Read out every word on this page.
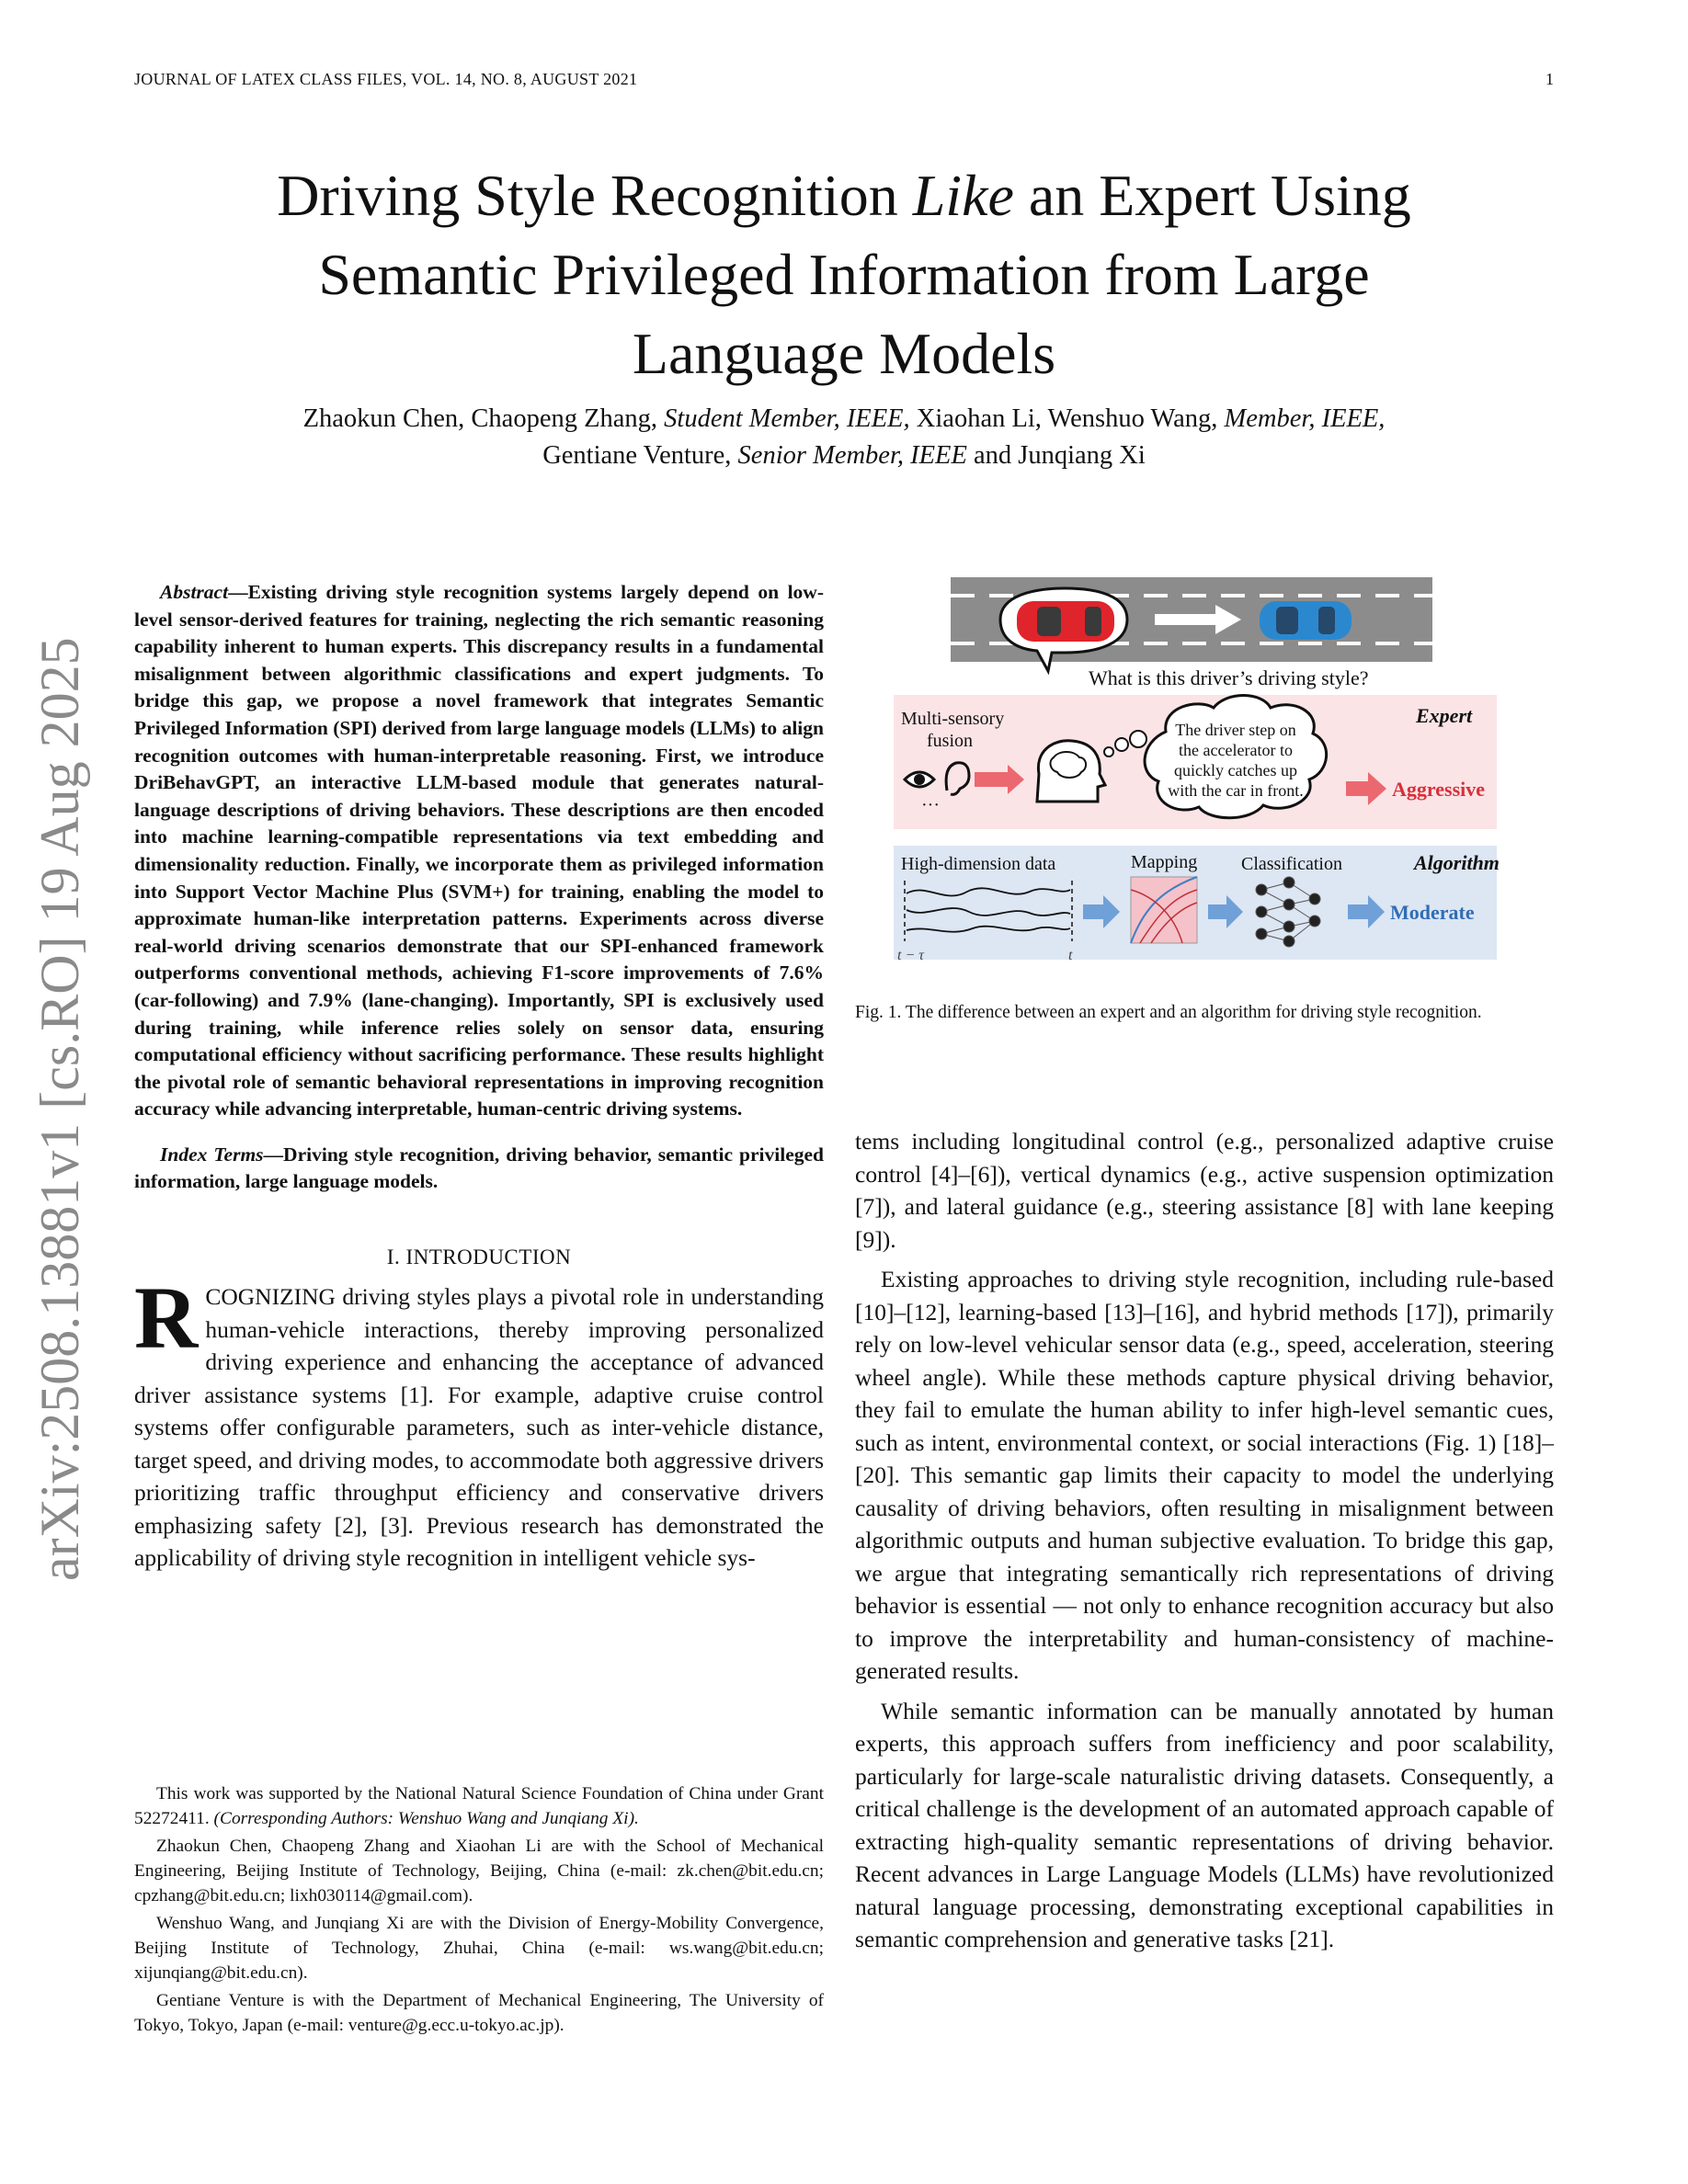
JOURNAL OF LATEX CLASS FILES, VOL. 14, NO. 8, AUGUST 2021	1
arXiv:2508.13881v1 [cs.RO] 19 Aug 2025

Driving Style Recognition Like an Expert Using

Semantic Privileged Information from Large

Language Models

Zhaokun Chen, Chaopeng Zhang, Student Member, IEEE, Xiaohan Li, Wenshuo Wang, Member, IEEE,

Gentiane Venture, Senior Member, IEEE and Junqiang Xi

Abstract—Existing driving style recognition systems largely depend on low-level sensor-derived features for training, neglecting the rich semantic reasoning capability inherent to human experts. This discrepancy results in a fundamental misalignment between algorithmic classifications and expert judgments. To bridge this gap, we propose a novel framework that integrates Semantic Privileged Information (SPI) derived from large language models (LLMs) to align recognition outcomes with human-interpretable reasoning. First, we introduce DriBehavGPT, an interactive LLM-based module that generates natural-language descriptions of driving behaviors. These descriptions are then encoded into machine learning-compatible representations via text embedding and dimensionality reduction. Finally, we incorporate them as privileged information into Support Vector Machine Plus (SVM+) for training, enabling the model to approximate human-like interpretation patterns. Experiments across diverse real-world driving scenarios demonstrate that our SPI-enhanced framework outperforms conventional methods, achieving F1-score improvements of 7.6% (car-following) and 7.9% (lane-changing). Importantly, SPI is exclusively used during training, while inference relies solely on sensor data, ensuring computational efficiency without sacrificing performance. These results highlight the pivotal role of semantic behavioral representations in improving recognition accuracy while advancing interpretable, human-centric driving systems.

Index Terms—Driving style recognition, driving behavior, semantic privileged information, large language models.

I. INTRODUCTION

RCOGNIZING driving styles plays a pivotal role in understanding human-vehicle interactions, thereby improving personalized driving experience and enhancing the acceptance of advanced driver assistance systems [1]. For example, adaptive cruise control systems offer configurable parameters, such as inter-vehicle distance, target speed, and driving modes, to accommodate both aggressive drivers prioritizing traffic throughput efficiency and conservative drivers emphasizing safety [2], [3]. Previous research has demonstrated the applicability of driving style recognition in intelligent vehicle sys-

This work was supported by the National Natural Science Foundation of China under Grant 52272411. (Corresponding Authors: Wenshuo Wang and Junqiang Xi).

Zhaokun Chen, Chaopeng Zhang and Xiaohan Li are with the School of Mechanical Engineering, Beijing Institute of Technology, Beijing, China (e-mail: zk.chen@bit.edu.cn; cpzhang@bit.edu.cn; lixh030114@gmail.com).

Wenshuo Wang, and Junqiang Xi are with the Division of Energy-Mobility Convergence, Beijing Institute of Technology, Zhuhai, China (e-mail: ws.wang@bit.edu.cn; xijunqiang@bit.edu.cn).

Gentiane Venture is with the Department of Mechanical Engineering, The University of Tokyo, Tokyo, Japan (e-mail: venture@g.ecc.u-tokyo.ac.jp).

What is this driver’s driving style?
Multi-sensory
fusion
···
The driver step on
the accelerator to
quickly catches up
with the car in front.
Expert
Aggressive
High-dimension data
t − τ	t
Mapping Classification	Algorithm
Moderate
Fig. 1. The difference between an expert and an algorithm for driving style recognition.

tems including longitudinal control (e.g., personalized adaptive cruise control [4]–[6]), vertical dynamics (e.g., active suspension optimization [7]), and lateral guidance (e.g., steering assistance [8] with lane keeping [9]).

Existing approaches to driving style recognition, including rule-based [10]–[12], learning-based [13]–[16], and hybrid methods [17]), primarily rely on low-level vehicular sensor data (e.g., speed, acceleration, steering wheel angle). While these methods capture physical driving behavior, they fail to emulate the human ability to infer high-level semantic cues, such as intent, environmental context, or social interactions (Fig. 1) [18]–[20]. This semantic gap limits their capacity to model the underlying causality of driving behaviors, often resulting in misalignment between algorithmic outputs and human subjective evaluation. To bridge this gap, we argue that integrating semantically rich representations of driving behavior is essential — not only to enhance recognition accuracy but also to improve the interpretability and human-consistency of machine-generated results.

While semantic information can be manually annotated by human experts, this approach suffers from inefficiency and poor scalability, particularly for large-scale naturalistic driving datasets. Consequently, a critical challenge is the development of an automated approach capable of extracting high-quality semantic representations of driving behavior. Recent advances in Large Language Models (LLMs) have revolutionized natural language processing, demonstrating exceptional capabilities in semantic comprehension and generative tasks [21].
